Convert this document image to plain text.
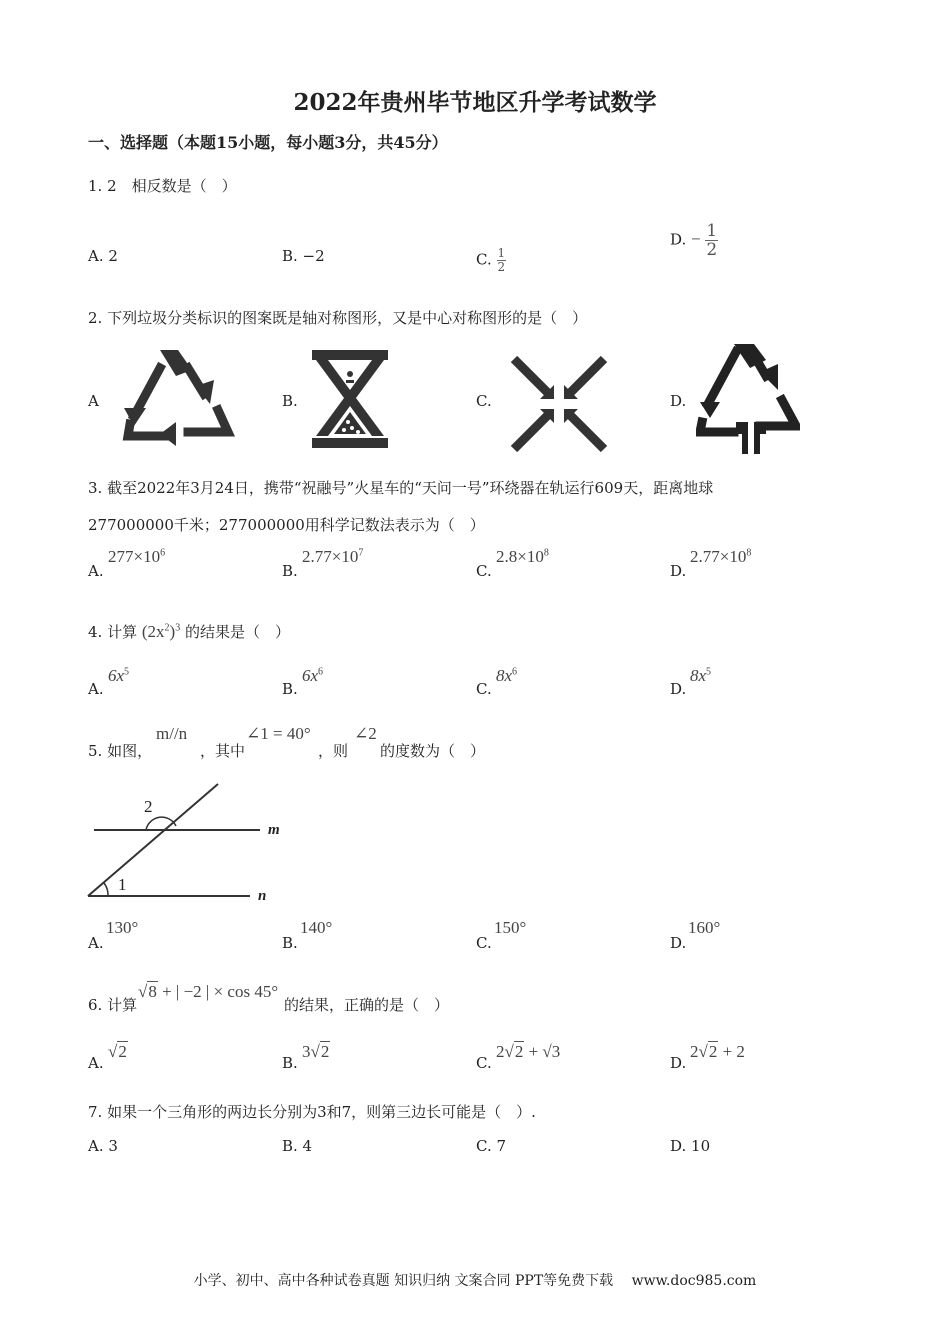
2022年贵州毕节地区升学考试数学
一、选择题（本题15小题，每小题3分，共45分）
1. 2　相反数是（　）
A. 2	B. −2	C. $\frac{1}{2}$
D. − $\frac{1}{2}$
2. 下列垃圾分类标识的图案既是轴对称图形，又是中心对称图形的是（　）
A	B.	C.	D.
3. 截至2022年3月24日，携带“祝融号”火星车的“天问一号”环绕器在轨运行609天，距离地球
277000000千米；277000000用科学记数法表示为（　）
A.
$277\times 10^6$
B.
$2.77\times 10^7$
C.
$2.8\times 10^8$
D.
$2.77\times 10^8$
4. 计算 $(2x^2)^3$ 的结果是（　）
A.
$6x^5$
B.
$6x^6$
C.
$8x^6$
D.
$8x^5$
5. 如图，
m//n
，其中
∠1 = 40°
，则
∠2
的度数为（　）
2
1
m
n
A.
130°
B.
140°
C.
150°
D.
160°
6. 计算
√8 + | −2 | × cos 45°
的结果，正确的是（　）
A.
√2
B.
3√2
C.
2√2 + √3
D.
2√2 + 2
7. 如果一个三角形的两边长分别为3和7，则第三边长可能是（　）.
A. 3	B. 4	C. 7	D. 10
小学、初中、高中各种试卷真题 知识归纳 文案合同 PPT等免费下载　 www.doc985.com
